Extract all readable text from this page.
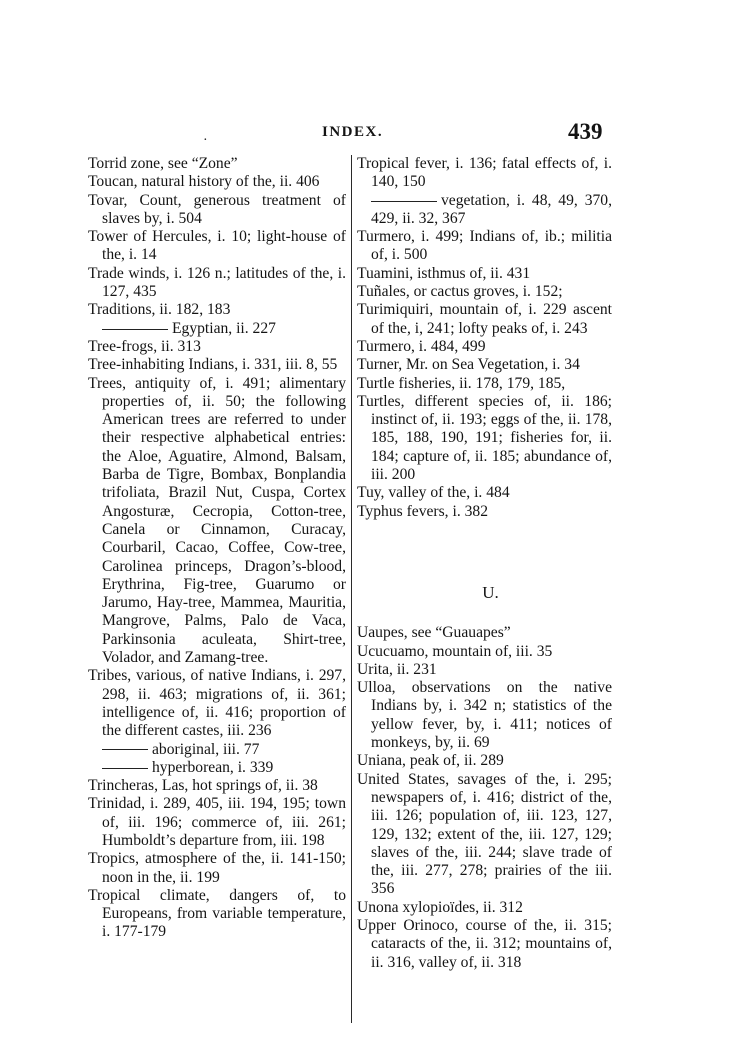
·
INDEX.	439

Torrid zone, see “Zone”

Toucan, natural history of the, ii. 406

Tovar, Count, generous treatment of slaves by, i. 504

Tower of Hercules, i. 10; light-house of the, i. 14

Trade winds, i. 126 n.; latitudes of the, i. 127, 435

Traditions, ii. 182, 183

Egyptian, ii. 227

Tree-frogs, ii. 313

Tree-inhabiting Indians, i. 331, iii. 8, 55

Trees, antiquity of, i. 491; alimentary properties of, ii. 50; the following American trees are referred to under their respective alphabetical entries: the Aloe, Aguatire, Almond, Balsam, Barba de Tigre, Bombax, Bonplandia trifoliata, Brazil Nut, Cuspa, Cortex Angosturæ, Cecropia, Cotton-tree, Canela or Cinnamon, Curacay, Courbaril, Cacao, Coffee, Cow-tree, Carolinea princeps, Dragon’s-blood, Erythrina, Fig-tree, Guarumo or Jarumo, Hay-tree, Mammea, Mauritia, Mangrove, Palms, Palo de Vaca, Parkinsonia aculeata, Shirt-tree, Volador, and Zamang-tree.

Tribes, various, of native Indians, i. 297, 298, ii. 463; migrations of, ii. 361; intelligence of, ii. 416; proportion of the different castes, iii. 236

aboriginal, iii. 77

hyperborean, i. 339

Trincheras, Las, hot springs of, ii. 38

Trinidad, i. 289, 405, iii. 194, 195; town of, iii. 196; commerce of, iii. 261; Humboldt’s departure from, iii. 198

Tropics, atmosphere of the, ii. 141-150; noon in the, ii. 199

Tropical climate, dangers of, to Europeans, from variable temperature, i. 177-179

Tropical fever, i. 136; fatal effects of, i. 140, 150

vegetation, i. 48, 49, 370, 429, ii. 32, 367

Turmero, i. 499; Indians of, ib.; militia of, i. 500

Tuamini, isthmus of, ii. 431

Tuñales, or cactus groves, i. 152;

Turimiquiri, mountain of, i. 229 ascent of the, i, 241; lofty peaks of, i. 243

Turmero, i. 484, 499

Turner, Mr. on Sea Vegetation, i. 34

Turtle fisheries, ii. 178, 179, 185,

Turtles, different species of, ii. 186; instinct of, ii. 193; eggs of the, ii. 178, 185, 188, 190, 191; fisheries for, ii. 184; capture of, ii. 185; abundance of, iii. 200

Tuy, valley of the, i. 484

Typhus fevers, i. 382

U.

Uaupes, see “Guauapes”

Ucucuamo, mountain of, iii. 35

Urita, ii. 231

Ulloa, observations on the native Indians by, i. 342 n; statistics of the yellow fever, by, i. 411; notices of monkeys, by, ii. 69

Uniana, peak of, ii. 289

United States, savages of the, i. 295; newspapers of, i. 416; district of the, iii. 126; population of, iii. 123, 127, 129, 132; extent of the, iii. 127, 129; slaves of the, iii. 244; slave trade of the, iii. 277, 278; prairies of the iii. 356

Unona xylopioïdes, ii. 312

Upper Orinoco, course of the, ii. 315; cataracts of the, ii. 312; mountains of, ii. 316, valley of, ii. 318
